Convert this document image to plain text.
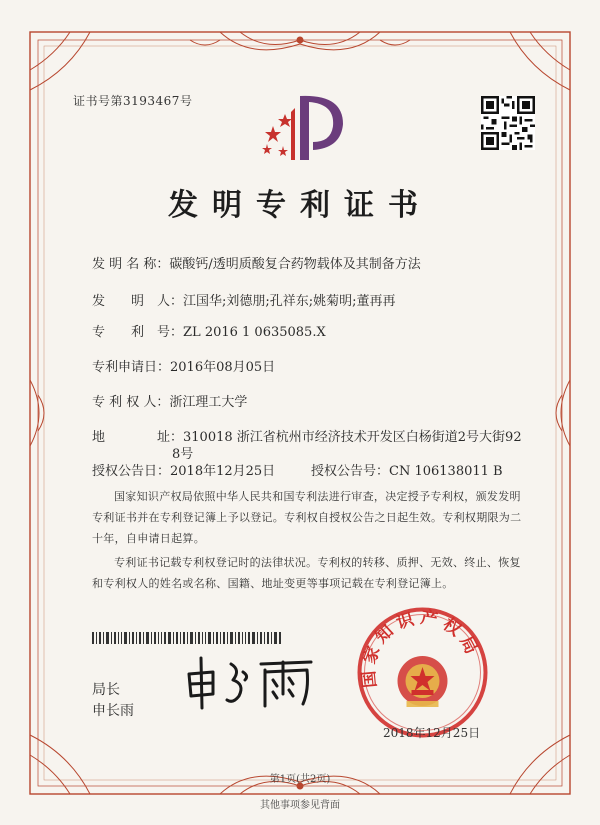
证书号第3193467号
发明专利证书
发 明 名 称：碳酸钙/透明质酸复合药物载体及其制备方法
发　　明　人：江国华;刘德朋;孔祥东;姚菊明;董再再
专　　利　号：ZL 2016 1 0635085.X
专利申请日：2016年08月05日
专 利 权 人：浙江理工大学
地　　　　址：310018 浙江省杭州市经济技术开发区白杨街道2号大街92
8号
授权公告日：2018年12月25日	授权公告号：CN 106138011 B
国家知识产权局依照中华人民共和国专利法进行审查，决定授予专利权，颁发发明专利证书并在专利登记簿上予以登记。专利权自授权公告之日起生效。专利权期限为二十年，自申请日起算。
专利证书记载专利权登记时的法律状况。专利权的转移、质押、无效、终止、恢复和专利权人的姓名或名称、国籍、地址变更等事项记载在专利登记簿上。
局长
申长雨
国家知识产权局
2018年12月25日
第1页(共2页)
其他事项参见背面
